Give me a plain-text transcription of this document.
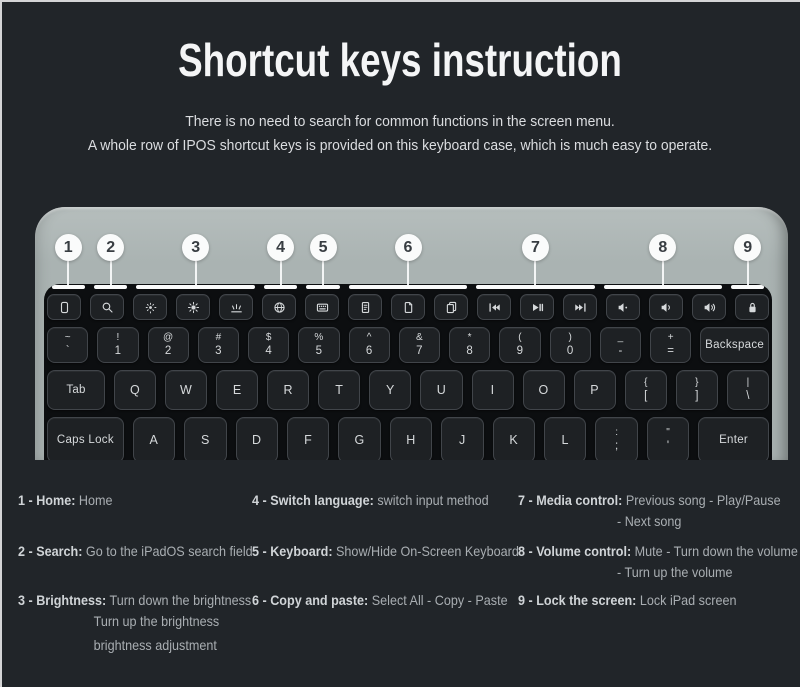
Shortcut keys instruction

There is no need to search for common functions in the screen menu.

A whole row of IPOS shortcut keys is provided on this keyboard case, which is much easy to operate.

~
`
!
1
@
2
#
3
$
4
%
5
^
6
&
7
*
8
(
9
)
0
_
-
+
=
Backspace
Tab	Q	W	E	R	T	Y	U	I	O	P
{
[
}
]
|
\
Caps Lock	A	S	D	F	G	H	J	K	L
:
;
"
'
Enter
1	2	3	4	5	6	7	8	9
1 - Home: Home
2 - Search: Go to the iPadOS search field
3 - Brightness: Turn down the brightness
Turn up the brightness
brightness adjustment
4 - Switch language: switch input method
5 - Keyboard: Show/Hide On-Screen Keyboard
6 - Copy and paste: Select All - Copy - Paste
7 - Media control: Previous song - Play/Pause
- Next song
8 - Volume control: Mute - Turn down the volume
- Turn up the volume
9 - Lock the screen: Lock iPad screen
